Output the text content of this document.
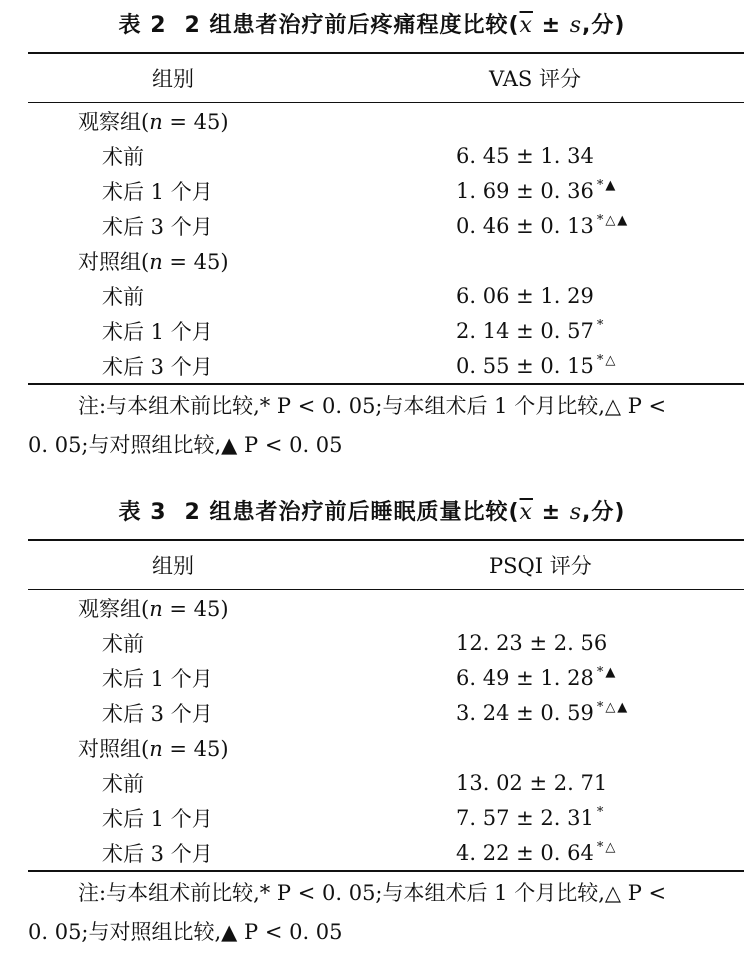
表 2 2 组患者治疗前后疼痛程度比较($\overline{x} \pm s$,分)
组别	VAS 评分
观察组(n = 45)	
术前	6. 45 ± 1. 34
术后 1 个月	1. 69 ± 0. 36 *▲
术后 3 个月	0. 46 ± 0. 13 *△▲
对照组(n = 45)	
术前	6. 06 ± 1. 29
术后 1 个月	2. 14 ± 0. 57 *
术后 3 个月	0. 55 ± 0. 15 *△
注:与本组术前比较,* P < 0. 05;与本组术后 1 个月比较,△ P <
0. 05;与对照组比较,▲ P < 0. 05
表 3 2 组患者治疗前后睡眠质量比较($\overline{x} \pm s$,分)
组别	PSQI 评分
观察组(n = 45)	
术前	12. 23 ± 2. 56
术后 1 个月	6. 49 ± 1. 28 *▲
术后 3 个月	3. 24 ± 0. 59 *△▲
对照组(n = 45)	
术前	13. 02 ± 2. 71
术后 1 个月	7. 57 ± 2. 31 *
术后 3 个月	4. 22 ± 0. 64 *△
注:与本组术前比较,* P < 0. 05;与本组术后 1 个月比较,△ P <
0. 05;与对照组比较,▲ P < 0. 05
